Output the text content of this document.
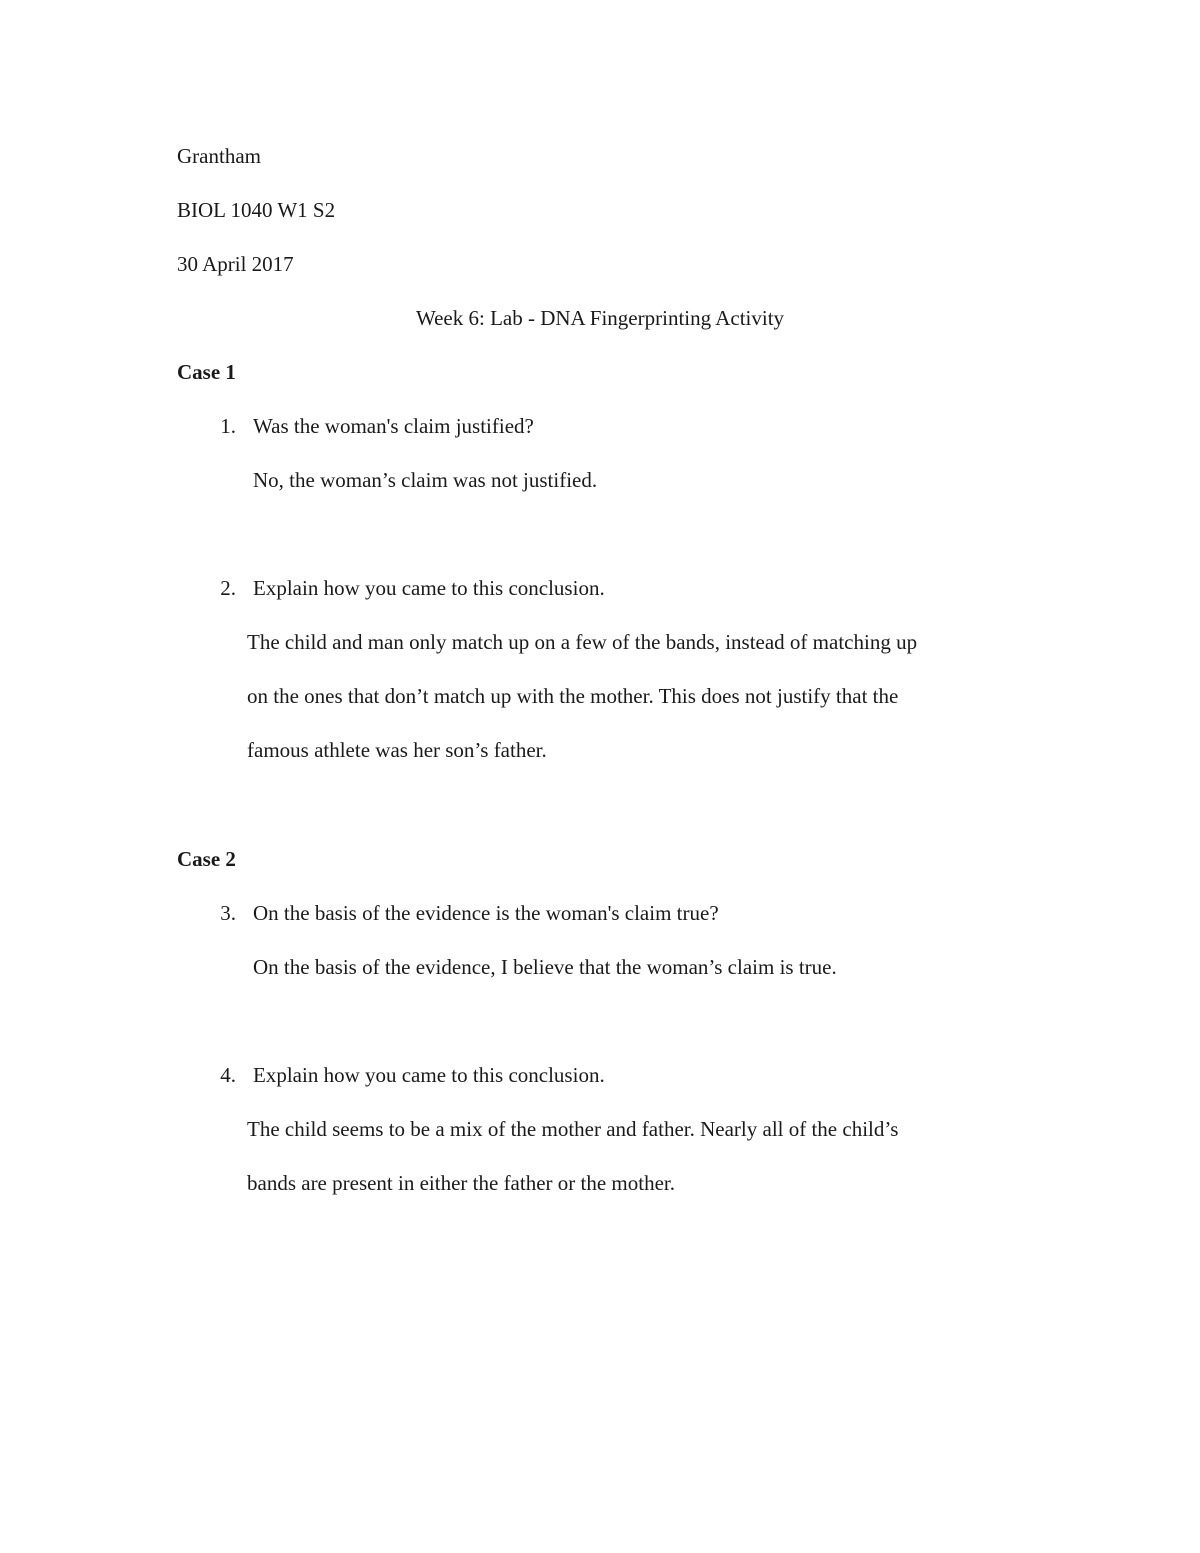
Grantham
BIOL 1040 W1 S2
30 April 2017
Week 6: Lab - DNA Fingerprinting Activity
Case 1
1. Was the woman's claim justified?
No, the woman’s claim was not justified.
2. Explain how you came to this conclusion.
The child and man only match up on a few of the bands, instead of matching up
on the ones that don’t match up with the mother. This does not justify that the
famous athlete was her son’s father.
Case 2
3. On the basis of the evidence is the woman's claim true?
On the basis of the evidence, I believe that the woman’s claim is true.
4. Explain how you came to this conclusion.
The child seems to be a mix of the mother and father. Nearly all of the child’s
bands are present in either the father or the mother.
